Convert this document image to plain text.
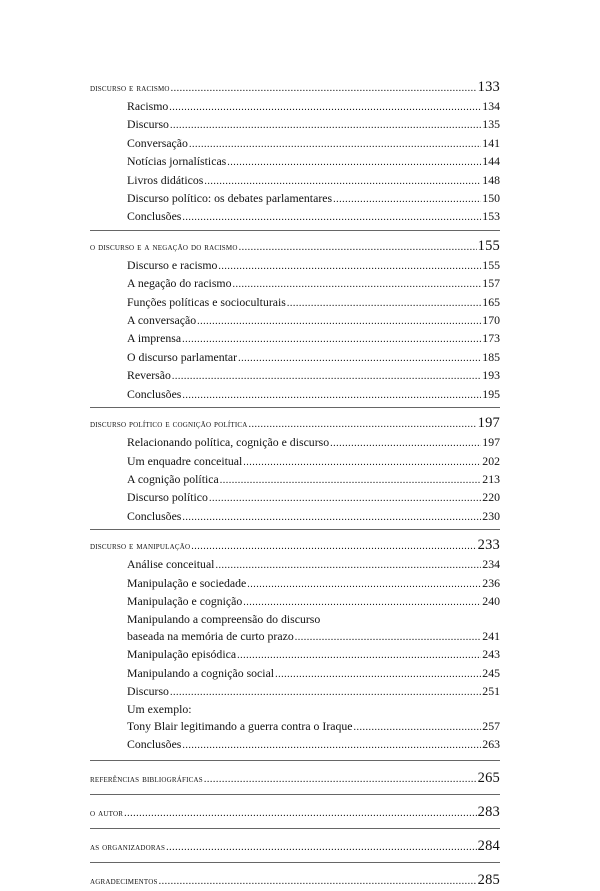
discurso e racismo .....	133
Racismo .....	134
Discurso .....	135
Conversação .....	141
Notícias jornalísticas .....	144
Livros didáticos .....	148
Discurso político: os debates parlamentares .....	150
Conclusões .....	153
o discurso e a negação do racismo .....	155
Discurso e racismo .....	155
A negação do racismo .....	157
Funções políticas e socioculturais .....	165
A conversação .....	170
A imprensa .....	173
O discurso parlamentar .....	185
Reversão .....	193
Conclusões .....	195
discurso político e cognição política .....	197
Relacionando política, cognição e discurso .....	197
Um enquadre conceitual .....	202
A cognição política .....	213
Discurso político .....	220
Conclusões .....	230
discurso e manipulação .....	233
Análise conceitual .....	234
Manipulação e sociedade .....	236
Manipulação e cognição .....	240
Manipulando a compreensão do discurso
baseada na memória de curto prazo .....	241
Manipulação episódica .....	243
Manipulando a cognição social .....	245
Discurso .....	251
Um exemplo:
Tony Blair legitimando a guerra contra o Iraque .....	257
Conclusões .....	263
referências bibliográficas .....	265
o autor .....	283
as organizadoras .....	284
agradecimentos .....	285
